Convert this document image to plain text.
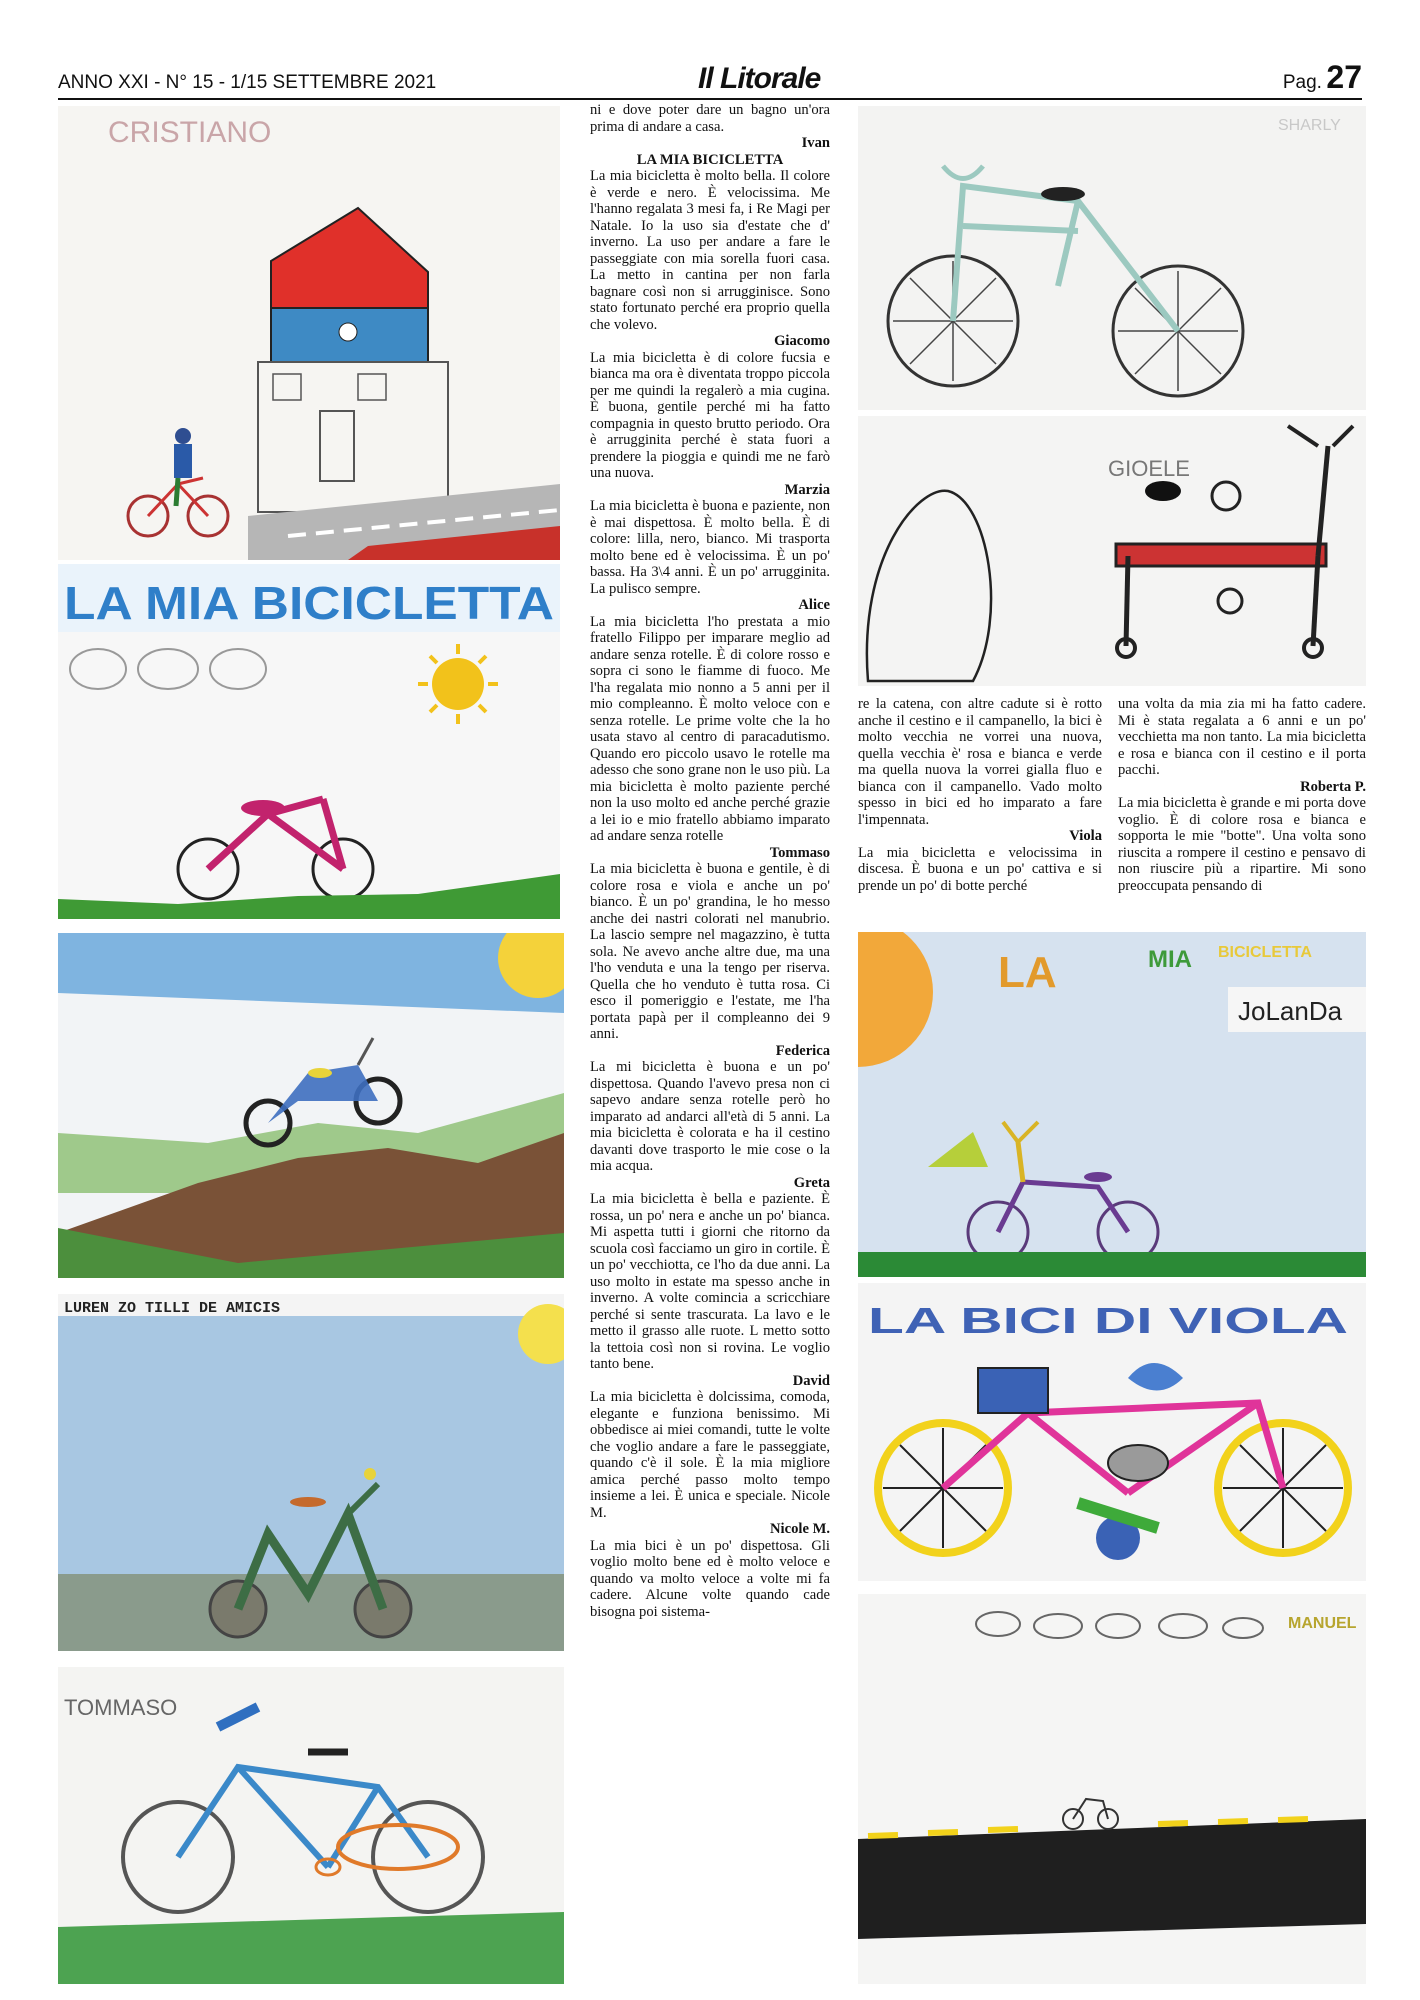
ANNO XXI - N° 15 - 1/15 SETTEMBRE 2021	Il Litorale	Pag. 27
CRISTIANO
LA MIA BICICLETTA
LUREN ZO TILLI DE AMICIS
TOMMASO
SHARLY
GIOELE
LA	MIA BICICLETTA
JoLanDa
LA BICI DI VIOLA
MANUEL

ni e dove poter dare un bagno un'ora prima di andare a casa.

Ivan

LA MIA BICICLETTA

La mia bicicletta è molto bella. Il colore è verde e nero. È velocissima. Me l'hanno regalata 3 mesi fa, i Re Magi per Natale. Io la uso sia d'estate che d' inverno. La uso per andare a fare le passeggiate con mia sorella fuori casa. La metto in cantina per non farla bagnare così non si arrugginisce. Sono stato fortunato perché era proprio quella che volevo.

Giacomo

La mia bicicletta è di colore fucsia e bianca ma ora è diventata troppo piccola per me quindi la regalerò a mia cugina. È buona, gentile perché mi ha fatto compagnia in questo brutto periodo. Ora è arrugginita perché è stata fuori a prendere la pioggia e quindi me ne farò una nuova.

Marzia

La mia bicicletta è buona e paziente, non è mai dispettosa. È molto bella. È di colore: lilla, nero, bianco. Mi trasporta molto bene ed è velocissima. È un po' bassa. Ha 3\4 anni. È un po' arrugginita. La pulisco sempre.

Alice

La mia bicicletta l'ho prestata a mio fratello Filippo per imparare meglio ad andare senza rotelle. È di colore rosso e sopra ci sono le fiamme di fuoco. Me l'ha regalata mio nonno a 5 anni per il mio compleanno. È molto veloce con e senza rotelle. Le prime volte che la ho usata stavo al centro di paracadutismo. Quando ero piccolo usavo le rotelle ma adesso che sono grane non le uso più. La mia bicicletta è molto paziente perché non la uso molto ed anche perché grazie a lei io e mio fratello abbiamo imparato ad andare senza rotelle

Tommaso

La mia bicicletta è buona e gentile, è di colore rosa e viola e anche un po' bianco. È un po' grandina, le ho messo anche dei nastri colorati nel manubrio. La lascio sempre nel magazzino, è tutta sola. Ne avevo anche altre due, ma una l'ho venduta e una la tengo per riserva. Quella che ho venduto è tutta rosa. Ci esco il pomeriggio e l'estate, me l'ha portata papà per il compleanno dei 9 anni.

Federica

La mi bicicletta è buona e un po' dispettosa. Quando l'avevo presa non ci sapevo andare senza rotelle però ho imparato ad andarci all'età di 5 anni. La mia bicicletta è colorata e ha il cestino davanti dove trasporto le mie cose o la mia acqua.

Greta

La mia bicicletta è bella e paziente. È rossa, un po' nera e anche un po' bianca. Mi aspetta tutti i giorni che ritorno da scuola così facciamo un giro in cortile. È un po' vecchiotta, ce l'ho da due anni. La uso molto in estate ma spesso anche in inverno. A volte comincia a scricchiare perché si sente trascurata. La lavo e le metto il grasso alle ruote. L metto sotto la tettoia così non si rovina. Le voglio tanto bene.

David

La mia bicicletta è dolcissima, comoda, elegante e funziona benissimo. Mi obbedisce ai miei comandi, tutte le volte che voglio andare a fare le passeggiate, quando c'è il sole. È la mia migliore amica perché passo molto tempo insieme a lei. È unica e speciale. Nicole M.

Nicole M.

La mia bici è un po' dispettosa. Gli voglio molto bene ed è molto veloce e quando va molto veloce a volte mi fa cadere. Alcune volte quando cade bisogna poi sistema-

re la catena, con altre cadute si è rotto anche il cestino e il campanello, la bici è molto vecchia ne vorrei una nuova, quella vecchia è' rosa e bianca e verde ma quella nuova la vorrei gialla fluo e bianca con il campanello. Vado molto spesso in bici ed ho imparato a fare l'impennata.

Viola

La mia bicicletta e velocissima in discesa. È buona e un po' cattiva e si prende un po' di botte perché

una volta da mia zia mi ha fatto cadere. Mi è stata regalata a 6 anni e un po' vecchietta ma non tanto. La mia bicicletta e rosa e bianca con il cestino e il porta pacchi.

Roberta P.

La mia bicicletta è grande e mi porta dove voglio. È di colore rosa e bianca e sopporta le mie "botte". Una volta sono riuscita a rompere il cestino e pensavo di non riuscire più a ripartire. Mi sono preoccupata pensando di
